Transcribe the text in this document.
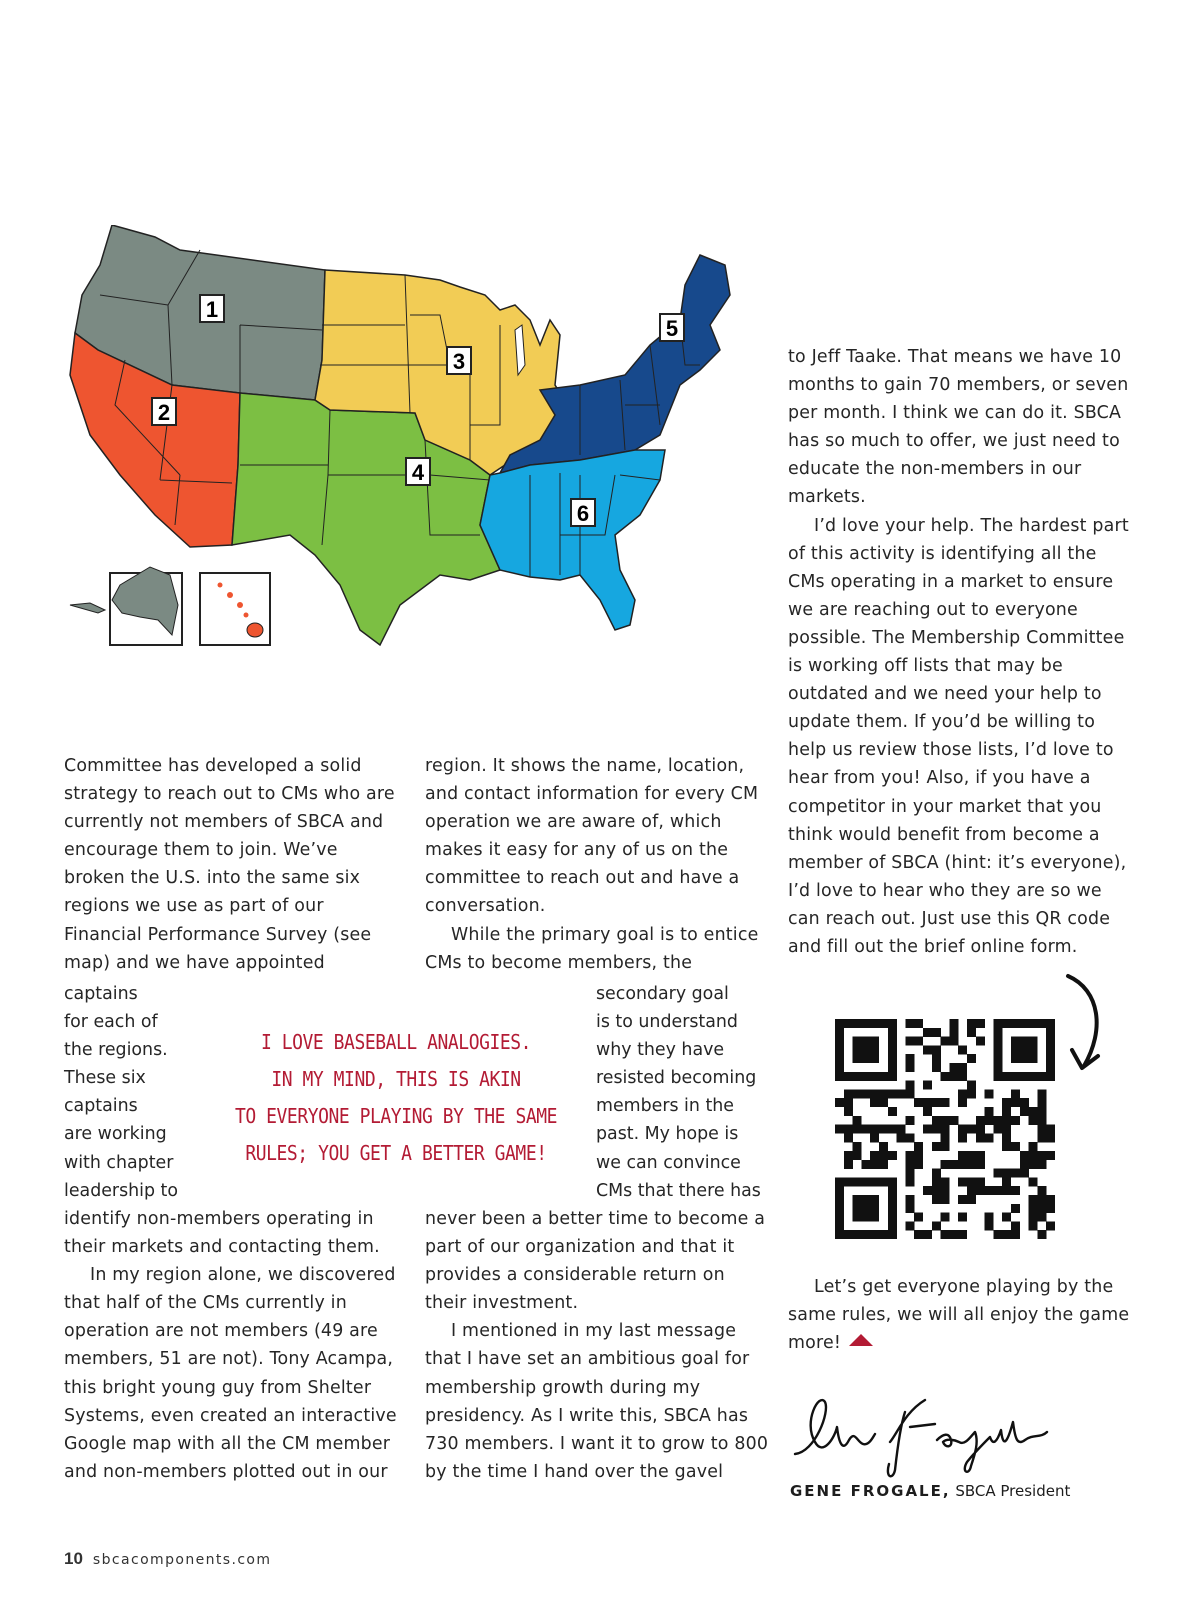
1
2
3
4
5
6

Committee has developed a solid strategy to reach out to CMs who are currently not members of SBCA and encourage them to join. We’ve broken the U.S. into the same six regions we use as part of our Financial Performance Survey (see map) and we have appointed

captains
for each of
the regions.
These six
captains
are working
with chapter
leadership to

identify non-members operating in their markets and contacting them.

In my region alone, we discovered that half of the CMs currently in operation are not members (49 are members, 51 are not). Tony Acampa, this bright young guy from Shelter Systems, even created an interactive Google map with all the CM member and non-members plotted out in our

region. It shows the name, location, and contact information for every CM operation we are aware of, which makes it easy for any of us on the committee to reach out and have a conversation.

While the primary goal is to entice CMs to become members, the

secondary goal
is to understand
why they have
resisted becoming
members in the
past. My hope is
we can convince
CMs that there has

never been a better time to become a part of our organization and that it provides a considerable return on their investment.

I mentioned in my last message that I have set an ambitious goal for membership growth during my presidency. As I write this, SBCA has 730 members. I want it to grow to 800 by the time I hand over the gavel

I LOVE BASEBALL ANALOGIES.
IN MY MIND, THIS IS AKIN
TO EVERYONE PLAYING BY THE SAME
RULES; YOU GET A BETTER GAME!

to Jeff Taake. That means we have 10 months to gain 70 members, or seven per month. I think we can do it. SBCA has so much to offer, we just need to educate the non-members in our markets.

I’d love your help. The hardest part of this activity is identifying all the CMs operating in a market to ensure we are reaching out to everyone possible. The Membership Committee is working off lists that may be outdated and we need your help to update them. If you’d be willing to help us review those lists, I’d love to hear from you! Also, if you have a competitor in your market that you think would benefit from become a member of SBCA (hint: it’s everyone), I’d love to hear who they are so we can reach out. Just use this QR code and fill out the brief online form.

Let’s get everyone playing by the same rules, we will all enjoy the game more!

GENE FROGALE, SBCA President
10 sbcacomponents.com
